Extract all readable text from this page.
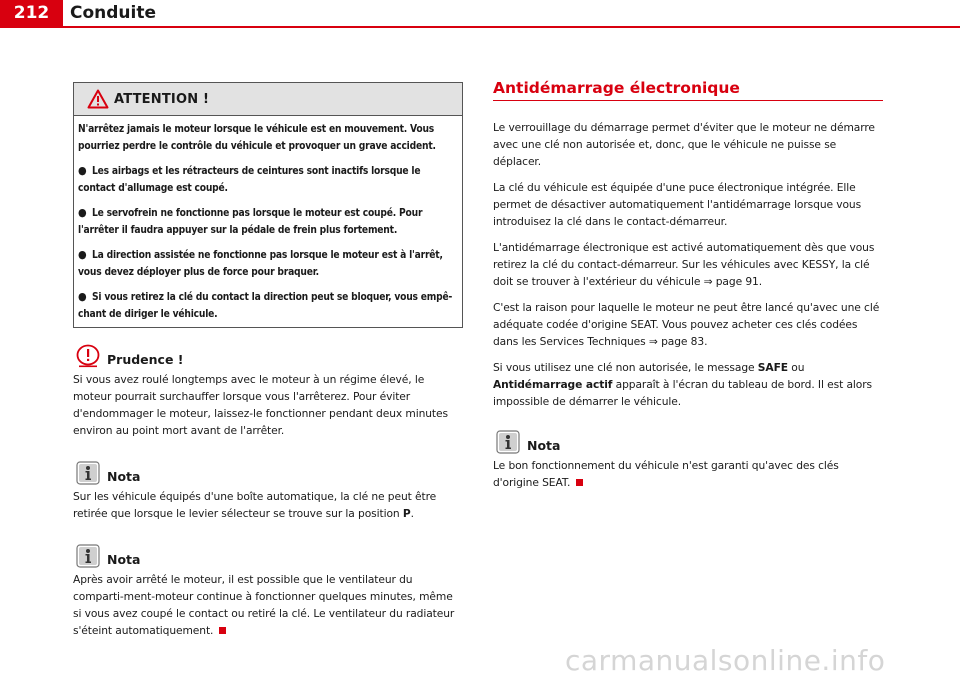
212	Conduite
ATTENTION !

N'arrêtez jamais le moteur lorsque le véhicule est en mouvement. Vous pourriez perdre le contrôle du véhicule et provoquer un grave accident.

● Les airbags et les rétracteurs de ceintures sont inactifs lorsque le contact d'allumage est coupé.

● Le servofrein ne fonctionne pas lorsque le moteur est coupé. Pour l'arrêter il faudra appuyer sur la pédale de frein plus fortement.

● La direction assistée ne fonctionne pas lorsque le moteur est à l'arrêt, vous devez déployer plus de force pour braquer.

● Si vous retirez la clé du contact la direction peut se bloquer, vous empê-chant de diriger le véhicule.

Prudence !

Si vous avez roulé longtemps avec le moteur à un régime élevé, le moteur pourrait surchauffer lorsque vous l'arrêterez. Pour éviter d'endommager le moteur, laissez-le fonctionner pendant deux minutes environ au point mort avant de l'arrêter.

Nota

Sur les véhicule équipés d'une boîte automatique, la clé ne peut être retirée que lorsque le levier sélecteur se trouve sur la position P.

Nota

Après avoir arrêté le moteur, il est possible que le ventilateur du comparti-ment-moteur continue à fonctionner quelques minutes, même si vous avez coupé le contact ou retiré la clé. Le ventilateur du radiateur s'éteint automatiquement.

Antidémarrage électronique

Le verrouillage du démarrage permet d'éviter que le moteur ne démarre avec une clé non autorisée et, donc, que le véhicule ne puisse se déplacer.

La clé du véhicule est équipée d'une puce électronique intégrée. Elle permet de désactiver automatiquement l'antidémarrage lorsque vous introduisez la clé dans le contact-démarreur.

L'antidémarrage électronique est activé automatiquement dès que vous retirez la clé du contact-démarreur. Sur les véhicules avec KESSY, la clé doit se trouver à l'extérieur du véhicule ⇒ page 91.

C'est la raison pour laquelle le moteur ne peut être lancé qu'avec une clé adéquate codée d'origine SEAT. Vous pouvez acheter ces clés codées dans les Services Techniques ⇒ page 83.

Si vous utilisez une clé non autorisée, le message SAFE ou Antidémarrage actif apparaît à l'écran du tableau de bord. Il est alors impossible de démarrer le véhicule.

Nota

Le bon fonctionnement du véhicule n'est garanti qu'avec des clés d'origine SEAT.

carmanualsonline.info
